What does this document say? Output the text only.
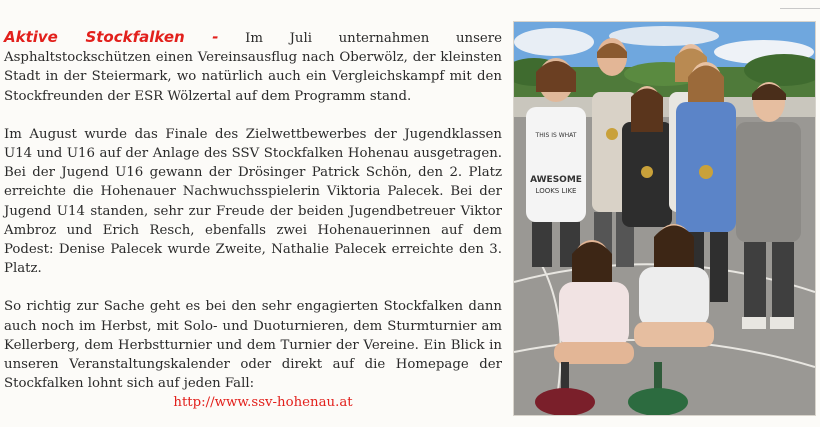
Aktive Stockfalken - Im Juli unternahmen unsere Asphaltstockschützen einen Vereinsausflug nach Oberwölz, der kleinsten Stadt in der Steiermark, wo natürlich auch ein Vergleichskampf mit den Stockfreunden der ESR Wölzertal auf dem Programm stand.

Im August wurde das Finale des Zielwettbewerbes der Jugendklassen U14 und U16 auf der Anlage des SSV Stockfalken Hohenau ausgetragen. Bei der Jugend U16 gewann der Drösinger Patrick Schön, den 2. Platz erreichte die Hohenauer Nachwuchsspielerin Viktoria Palecek. Bei der Jugend U14 standen, sehr zur Freude der beiden Jugendbetreuer Viktor Ambroz und Erich Resch, ebenfalls zwei Hohenauerinnen auf dem Podest: Denise Palecek wurde Zweite, Nathalie Palecek erreichte den 3. Platz.

So richtig zur Sache geht es bei den sehr engagierten Stockfalken dann auch noch im Herbst, mit Solo- und Duoturnieren, dem Sturmturnier am Kellerberg, dem Herbstturnier und dem Turnier der Vereine. Ein Blick in unseren Veranstaltungskalender oder direkt auf die Homepage der Stockfalken lohnt sich auf jeden Fall:
http://www.ssv-hohenau.at

THIS IS WHAT
AWESOME
LOOKS LIKE
